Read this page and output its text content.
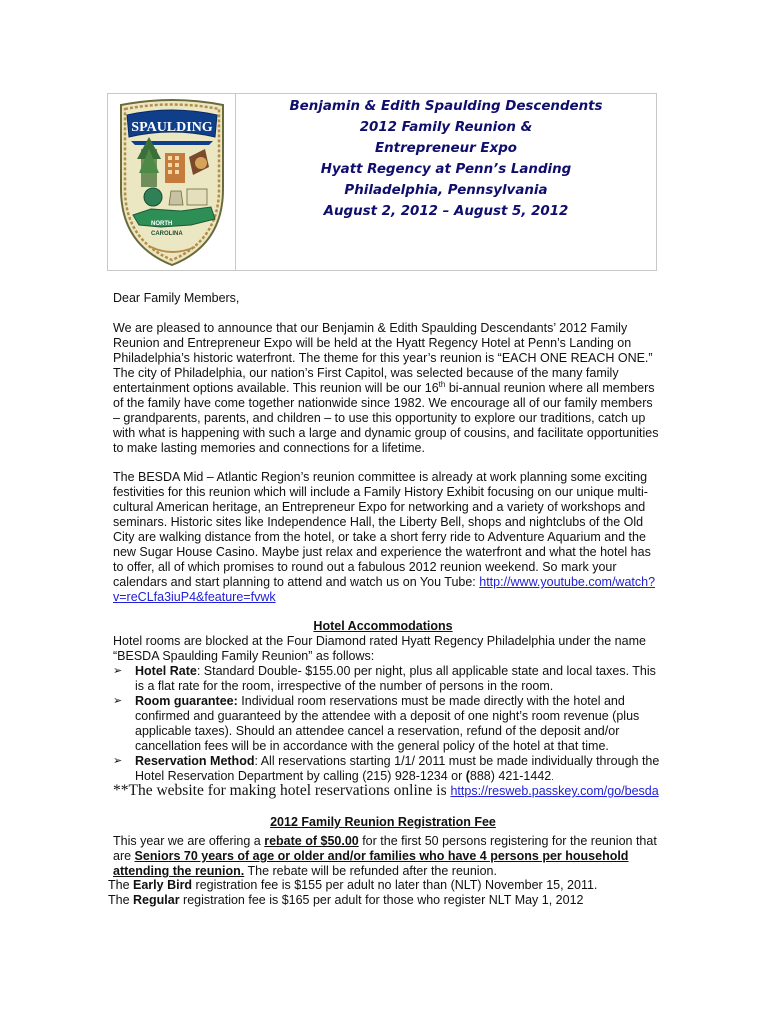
SPAULDING
NORTH
CAROLINA
Benjamin & Edith Spaulding Descendents
2012 Family Reunion &
Entrepreneur Expo
Hyatt Regency at Penn’s Landing
Philadelphia, Pennsylvania
August 2, 2012 – August 5, 2012

Dear Family Members,

We are pleased to announce that our Benjamin & Edith Spaulding Descendants’ 2012 Family Reunion and Entrepreneur Expo will be held at the Hyatt Regency Hotel at Penn’s Landing on Philadelphia’s historic waterfront. The theme for this year’s reunion is “EACH ONE REACH ONE.” The city of Philadelphia, our nation’s First Capitol, was selected because of the many family entertainment options available. This reunion will be our 16th bi-annual reunion where all members of the family have come together nationwide since 1982. We encourage all of our family members – grandparents, parents, and children – to use this opportunity to explore our traditions, catch up with what is happening with such a large and dynamic group of cousins, and facilitate opportunities to make lasting memories and connections for a lifetime.

The BESDA Mid – Atlantic Region’s reunion committee is already at work planning some exciting festivities for this reunion which will include a Family History Exhibit focusing on our unique multi-cultural American heritage, an Entrepreneur Expo for networking and a variety of workshops and seminars. Historic sites like Independence Hall, the Liberty Bell, shops and nightclubs of the Old City are walking distance from the hotel, or take a short ferry ride to Adventure Aquarium and the new Sugar House Casino. Maybe just relax and experience the waterfront and what the hotel has to offer, all of which promises to round out a fabulous 2012 reunion weekend. So mark your calendars and start planning to attend and watch us on You Tube: http://www.youtube.com/watch?v=reCLfa3iuP4&feature=fvwk

Hotel Accommodations

Hotel rooms are blocked at the Four Diamond rated Hyatt Regency Philadelphia under the name “BESDA Spaulding Family Reunion” as follows:

➢	Hotel Rate: Standard Double- $155.00 per night, plus all applicable state and local taxes. This is a flat rate for the room, irrespective of the number of persons in the room.
➢	Room guarantee: Individual room reservations must be made directly with the hotel and confirmed and guaranteed by the attendee with a deposit of one night’s room revenue (plus applicable taxes). Should an attendee cancel a reservation, refund of the deposit and/or cancellation fees will be in accordance with the general policy of the hotel at that time.
➢	Reservation Method: All reservations starting 1/1/ 2011 must be made individually through the Hotel Reservation Department by calling (215) 928-1234 or (888) 421-1442.
**The website for making hotel reservations online is https://resweb.passkey.com/go/besda
2012 Family Reunion Registration Fee

This year we are offering a rebate of $50.00 for the first 50 persons registering for the reunion that are Seniors 70 years of age or older and/or families who have 4 persons per household attending the reunion. The rebate will be refunded after the reunion.

The Early Bird registration fee is $155 per adult no later than (NLT) November 15, 2011.
The Regular registration fee is $165 per adult for those who register NLT May 1, 2012
